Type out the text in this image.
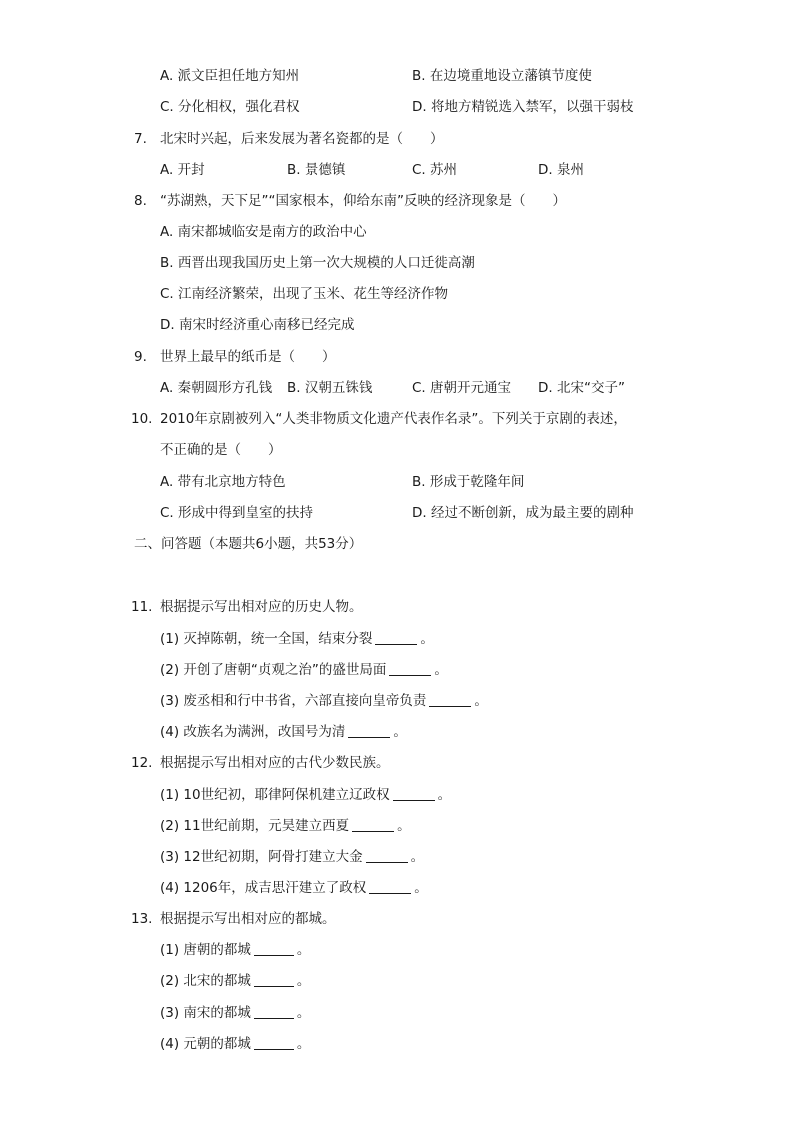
A. 派文臣担任地方知州	B. 在边境重地设立藩镇节度使
C. 分化相权，强化君权	D. 将地方精锐选入禁军，以强干弱枝
7. 北宋时兴起，后来发展为著名瓷都的是（　　）
A. 开封	B. 景德镇	C. 苏州	D. 泉州
8. “苏湖熟，天下足”“国家根本，仰给东南”反映的经济现象是（　　）
A. 南宋都城临安是南方的政治中心
B. 西晋出现我国历史上第一次大规模的人口迁徙高潮
C. 江南经济繁荣，出现了玉米、花生等经济作物
D. 南宋时经济重心南移已经完成
9. 世界上最早的纸币是（　　）
A. 秦朝圆形方孔钱 B. 汉朝五铢钱	C. 唐朝开元通宝 D. 北宋“交子”
10. 2010年京剧被列入“人类非物质文化遗产代表作名录”。下列关于京剧的表述，
不正确的是（　　）
A. 带有北京地方特色	B. 形成于乾隆年间
C. 形成中得到皇室的扶持	D. 经过不断创新，成为最主要的剧种
二、问答题（本题共6小题，共53分）
11. 根据提示写出相对应的历史人物。
(1) 灭掉陈朝，统一全国，结束分裂	。
(2) 开创了唐朝“贞观之治”的盛世局面	。
(3) 废丞相和行中书省，六部直接向皇帝负责	。
(4) 改族名为满洲，改国号为清	。
12. 根据提示写出相对应的古代少数民族。
(1) 10世纪初，耶律阿保机建立辽政权	。
(2) 11世纪前期，元昊建立西夏	。
(3) 12世纪初期，阿骨打建立大金	。
(4) 1206年，成吉思汗建立了政权	。
13. 根据提示写出相对应的都城。
(1) 唐朝的都城	。
(2) 北宋的都城	。
(3) 南宋的都城	。
(4) 元朝的都城	。
